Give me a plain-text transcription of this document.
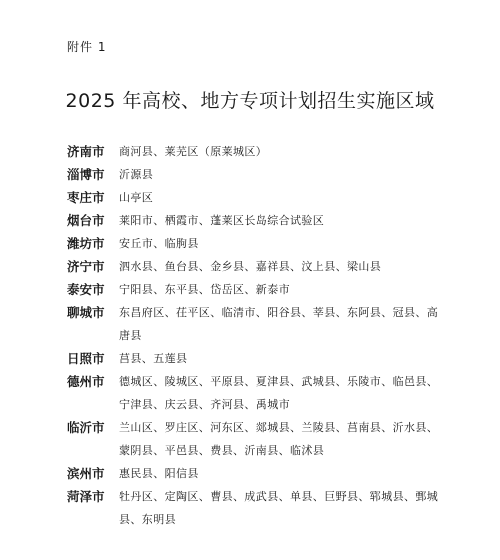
附件 1
2025 年高校、地方专项计划招生实施区域
济南市	商河县、莱芜区（原莱城区）
淄博市	沂源县
枣庄市	山亭区
烟台市	莱阳市、栖霞市、蓬莱区长岛综合试验区
潍坊市	安丘市、临朐县
济宁市	泗水县、鱼台县、金乡县、嘉祥县、汶上县、梁山县
泰安市	宁阳县、东平县、岱岳区、新泰市
聊城市	东昌府区、茌平区、临清市、阳谷县、莘县、东阿县、冠县、高唐县
日照市	莒县、五莲县
德州市	德城区、陵城区、平原县、夏津县、武城县、乐陵市、临邑县、宁津县、庆云县、齐河县、禹城市
临沂市	兰山区、罗庄区、河东区、郯城县、兰陵县、莒南县、沂水县、蒙阴县、平邑县、费县、沂南县、临沭县
滨州市	惠民县、阳信县
菏泽市	牡丹区、定陶区、曹县、成武县、单县、巨野县、郓城县、鄄城县、东明县
